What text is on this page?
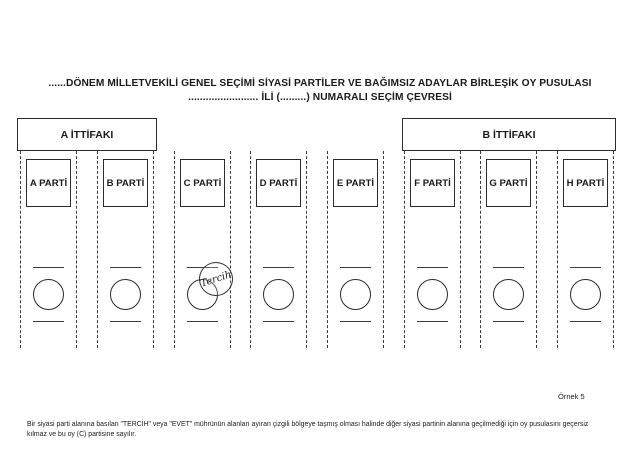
......DÖNEM MİLLETVEKİLİ GENEL SEÇİMİ SİYASİ PARTİLER VE BAĞIMSIZ ADAYLAR BİRLEŞİK OY PUSULASI
........................ İLİ (.........) NUMARALI SEÇİM ÇEVRESİ
A İTTİFAKI	B İTTİFAKI
A PARTİ	B PARTİ	C PARTİ	D PARTİ	E PARTİ	F PARTİ	G PARTİ	H PARTİ
Tercih
Örnek 5
Bir siyasi parti alanına basılan "TERCİH" veya "EVET" mührünün alanları ayıran çizgili bölgeye taşmış olması halinde diğer siyasi partinin alanına geçilmediği için oy pusulasını geçersiz kılmaz ve bu oy (C) partisine sayılır.
